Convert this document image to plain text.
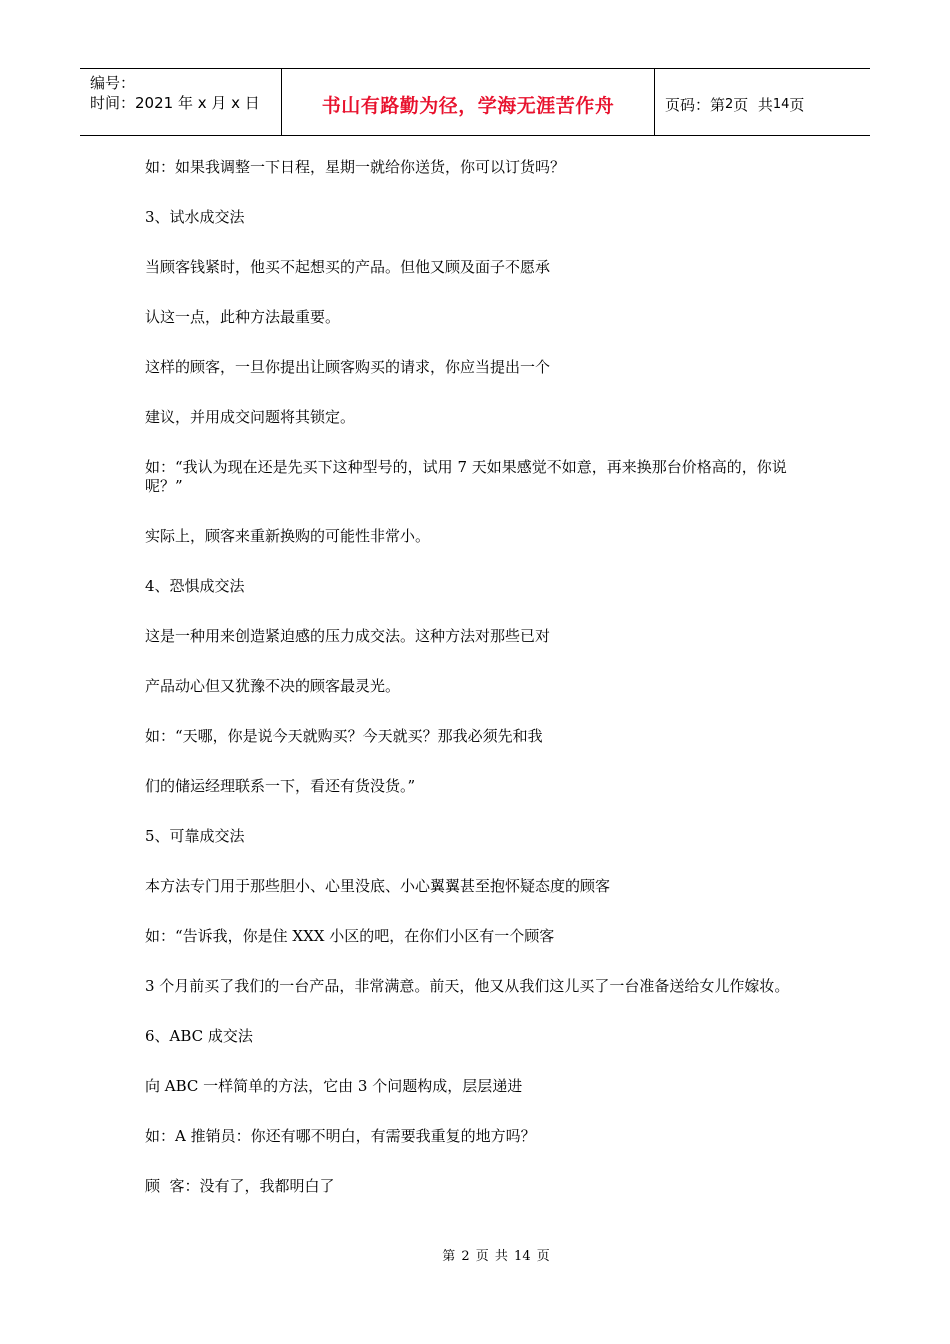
编号：
时间：2021 年 x 月 x 日	书山有路勤为径，学海无涯苦作舟	页码：第 2 页  共 14 页

如：如果我调整一下日程，星期一就给你送货，你可以订货吗？

3、试水成交法

当顾客钱紧时，他买不起想买的产品。但他又顾及面子不愿承

认这一点，此种方法最重要。

这样的顾客，一旦你提出让顾客购买的请求，你应当提出一个

建议，并用成交问题将其锁定。

如：“我认为现在还是先买下这种型号的，试用 7 天如果感觉不如意，再来换那台价格高的，你说呢？”

实际上，顾客来重新换购的可能性非常小。

4、恐惧成交法

这是一种用来创造紧迫感的压力成交法。这种方法对那些已对

产品动心但又犹豫不决的顾客最灵光。

如：“天哪，你是说今天就购买？今天就买？那我必须先和我

们的储运经理联系一下，看还有货没货。”

5、可靠成交法

本方法专门用于那些胆小、心里没底、小心翼翼甚至抱怀疑态度的顾客

如：“告诉我，你是住 XXX 小区的吧，在你们小区有一个顾客

3 个月前买了我们的一台产品，非常满意。前天，他又从我们这儿买了一台准备送给女儿作嫁妆。

6、ABC 成交法

向 ABC 一样简单的方法，它由 3 个问题构成，层层递进

如：A 推销员：你还有哪不明白，有需要我重复的地方吗？

顾  客：没有了，我都明白了

第 2 页 共 14 页
